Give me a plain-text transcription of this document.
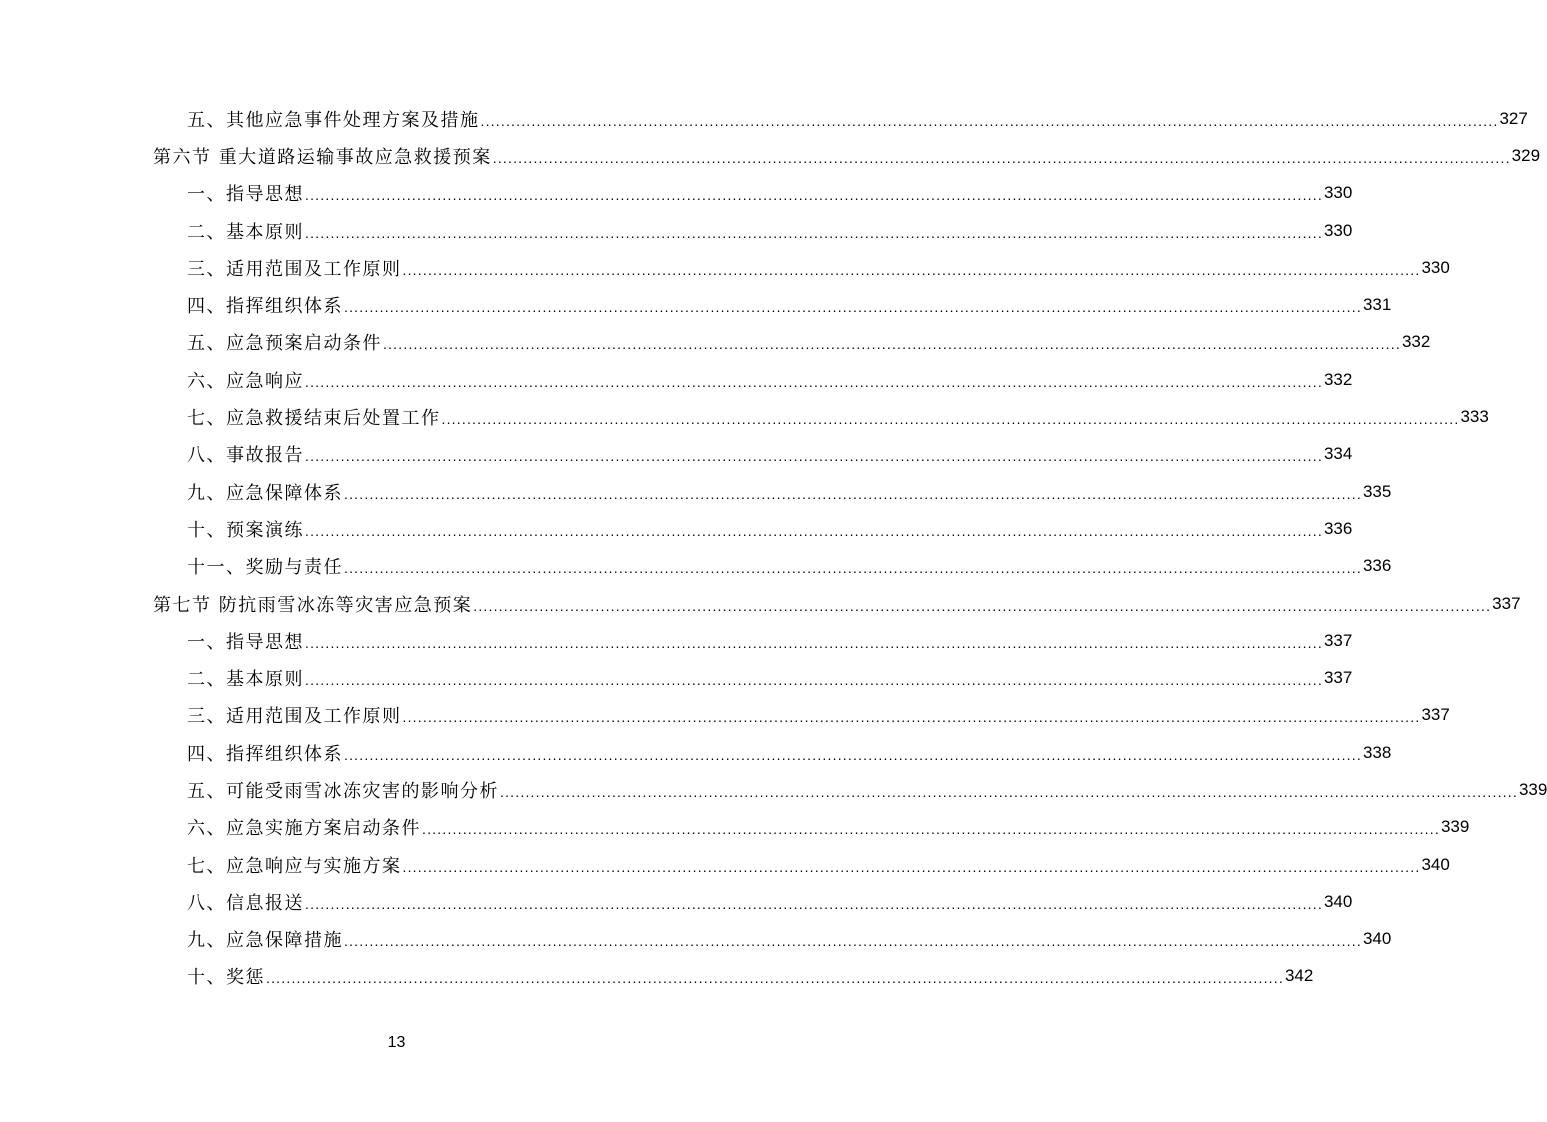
五、其他应急事件处理方案及措施 ........................................................................................................................................................................................................ 327
第六节 重大道路运输事故应急救援预案 ........................................................................................................................................................................................................ 329
一、指导思想 ........................................................................................................................................................................................................ 330
二、基本原则 ........................................................................................................................................................................................................ 330
三、适用范围及工作原则 ........................................................................................................................................................................................................ 330
四、指挥组织体系 ........................................................................................................................................................................................................ 331
五、应急预案启动条件 ........................................................................................................................................................................................................ 332
六、应急响应 ........................................................................................................................................................................................................ 332
七、应急救援结束后处置工作 ........................................................................................................................................................................................................ 333
八、事故报告 ........................................................................................................................................................................................................ 334
九、应急保障体系 ........................................................................................................................................................................................................ 335
十、预案演练 ........................................................................................................................................................................................................ 336
十一、奖励与责任 ........................................................................................................................................................................................................ 336
第七节 防抗雨雪冰冻等灾害应急预案 ........................................................................................................................................................................................................ 337
一、指导思想 ........................................................................................................................................................................................................ 337
二、基本原则 ........................................................................................................................................................................................................ 337
三、适用范围及工作原则 ........................................................................................................................................................................................................ 337
四、指挥组织体系 ........................................................................................................................................................................................................ 338
五、可能受雨雪冰冻灾害的影响分析 ........................................................................................................................................................................................................ 339
六、应急实施方案启动条件 ........................................................................................................................................................................................................ 339
七、应急响应与实施方案 ........................................................................................................................................................................................................ 340
八、信息报送 ........................................................................................................................................................................................................ 340
九、应急保障措施 ........................................................................................................................................................................................................ 340
十、奖惩 ........................................................................................................................................................................................................ 342
13
